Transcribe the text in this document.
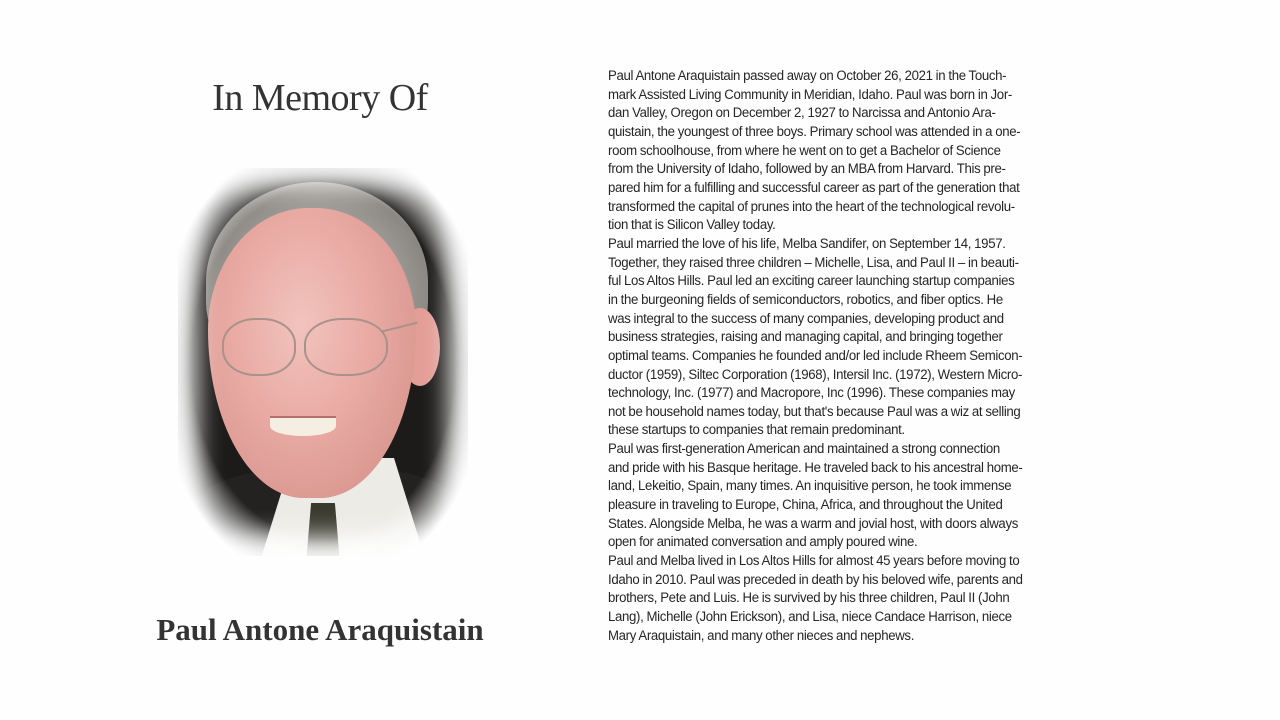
In Memory Of
Paul Antone Araquistain

Paul Antone Araquistain passed away on October 26, 2021 in the Touch-
mark Assisted Living Community in Meridian, Idaho. Paul was born in Jor-
dan Valley, Oregon on December 2, 1927 to Narcissa and Antonio Ara-
quistain, the youngest of three boys. Primary school was attended in a one-
room schoolhouse, from where he went on to get a Bachelor of Science
from the University of Idaho, followed by an MBA from Harvard. This pre-
pared him for a fulfilling and successful career as part of the generation that
transformed the capital of prunes into the heart of the technological revolu-
tion that is Silicon Valley today.

Paul married the love of his life, Melba Sandifer, on September 14, 1957.
Together, they raised three children – Michelle, Lisa, and Paul II – in beauti-
ful Los Altos Hills. Paul led an exciting career launching startup companies
in the burgeoning fields of semiconductors, robotics, and fiber optics. He
was integral to the success of many companies, developing product and
business strategies, raising and managing capital, and bringing together
optimal teams. Companies he founded and/or led include Rheem Semicon-
ductor (1959), Siltec Corporation (1968), Intersil Inc. (1972), Western Micro-
technology, Inc. (1977) and Macropore, Inc (1996). These companies may
not be household names today, but that's because Paul was a wiz at selling
these startups to companies that remain predominant.

Paul was first-generation American and maintained a strong connection
and pride with his Basque heritage. He traveled back to his ancestral home-
land, Lekeitio, Spain, many times. An inquisitive person, he took immense
pleasure in traveling to Europe, China, Africa, and throughout the United
States. Alongside Melba, he was a warm and jovial host, with doors always
open for animated conversation and amply poured wine.

Paul and Melba lived in Los Altos Hills for almost 45 years before moving to
Idaho in 2010. Paul was preceded in death by his beloved wife, parents and
brothers, Pete and Luis. He is survived by his three children, Paul II (John
Lang), Michelle (John Erickson), and Lisa, niece Candace Harrison, niece
Mary Araquistain, and many other nieces and nephews.
